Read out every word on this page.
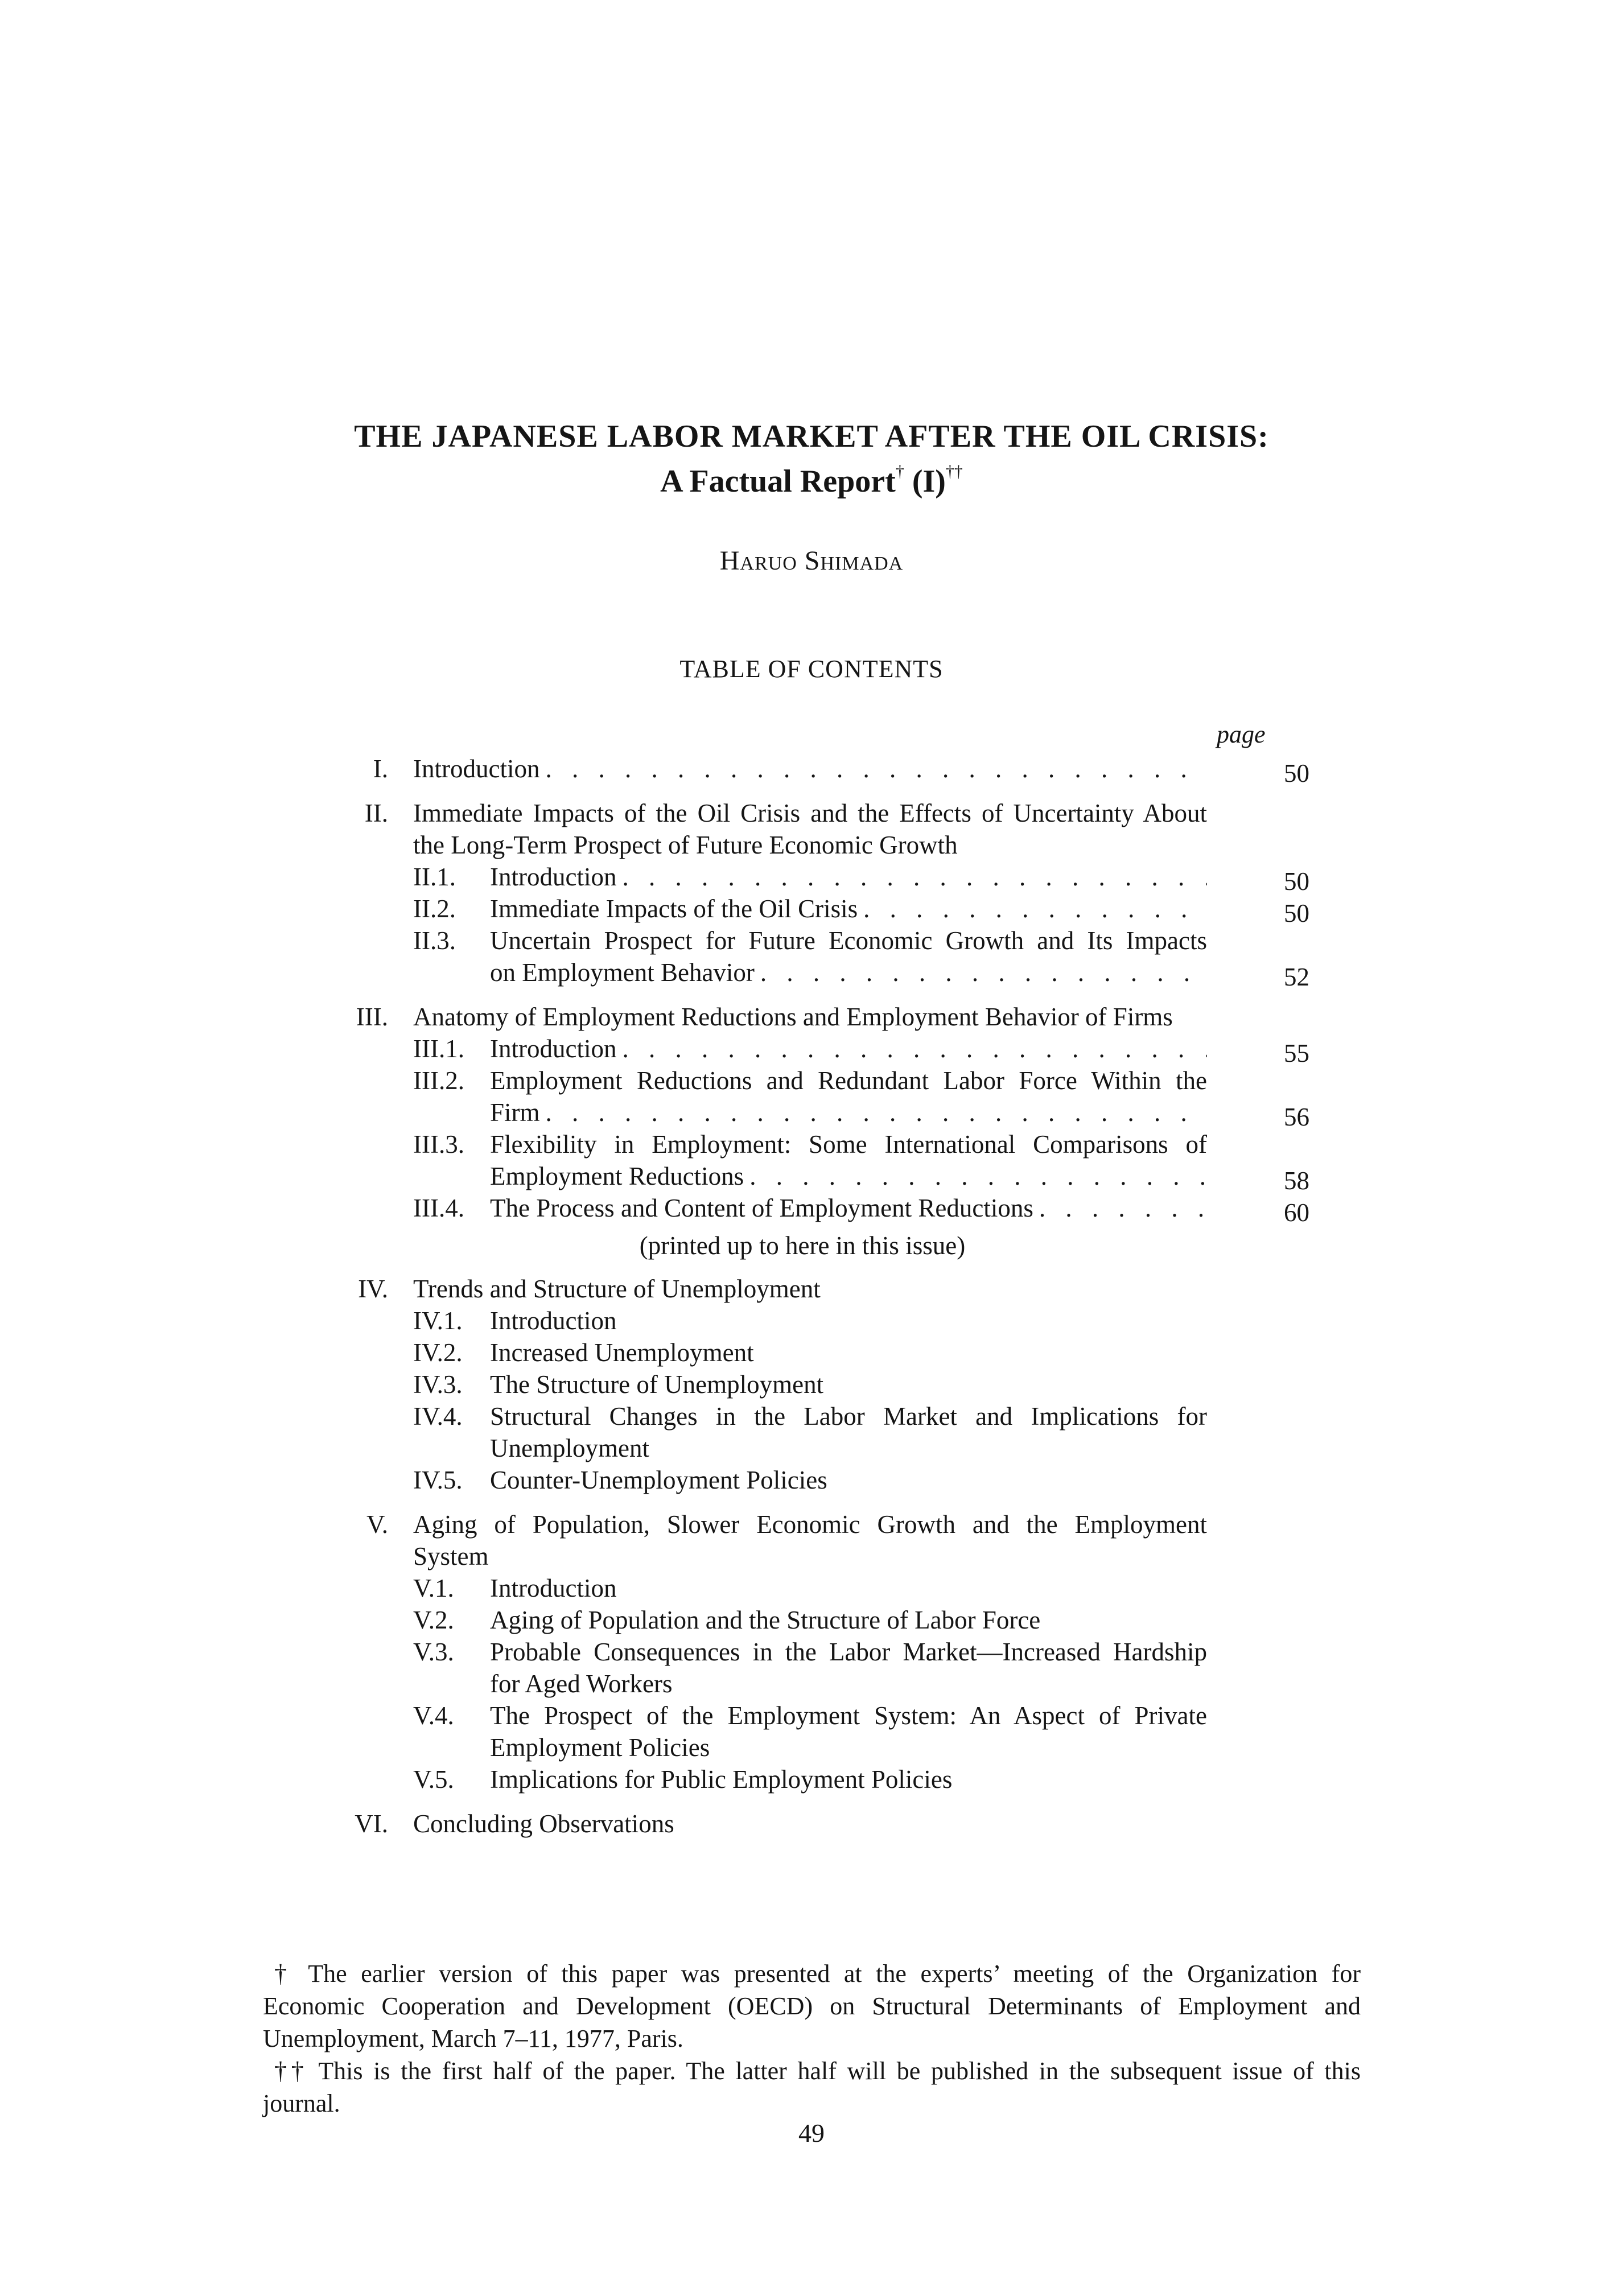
THE JAPANESE LABOR MARKET AFTER THE OIL CRISIS:
A Factual Report† (I)††
Haruo Shimada
TABLE OF CONTENTS
page
I. Introduction . . .	50
II. Immediate Impacts of the Oil Crisis and the Effects of Uncertainty About
the Long-Term Prospect of Future Economic Growth
II.1.	Introduction . . .	50
II.2.	Immediate Impacts of the Oil Crisis . . .	50
II.3.	Uncertain Prospect for Future Economic Growth and Its Impacts
on Employment Behavior . . .	52
III. Anatomy of Employment Reductions and Employment Behavior of Firms
III.1.	Introduction . . .	55
III.2.	Employment Reductions and Redundant Labor Force Within the
Firm . . .	56
III.3.	Flexibility in Employment: Some International Comparisons of
Employment Reductions . . .	58
III.4.	The Process and Content of Employment Reductions . . .	60
(printed up to here in this issue)
IV. Trends and Structure of Unemployment
IV.1.	Introduction
IV.2.	Increased Unemployment
IV.3.	The Structure of Unemployment
IV.4.	Structural Changes in the Labor Market and Implications for
Unemployment
IV.5.	Counter-Unemployment Policies
V. Aging of Population, Slower Economic Growth and the Employment
System
V.1.	Introduction
V.2.	Aging of Population and the Structure of Labor Force
V.3.	Probable Consequences in the Labor Market—Increased Hardship
for Aged Workers
V.4.	The Prospect of the Employment System: An Aspect of Private
Employment Policies
V.5.	Implications for Public Employment Policies
VI. Concluding Observations
† The earlier version of this paper was presented at the experts’ meeting of the Organization for
Economic Cooperation and Development (OECD) on Structural Determinants of Employment and
Unemployment, March 7–11, 1977, Paris.
†† This is the first half of the paper. The latter half will be published in the subsequent issue of this
journal.
49
